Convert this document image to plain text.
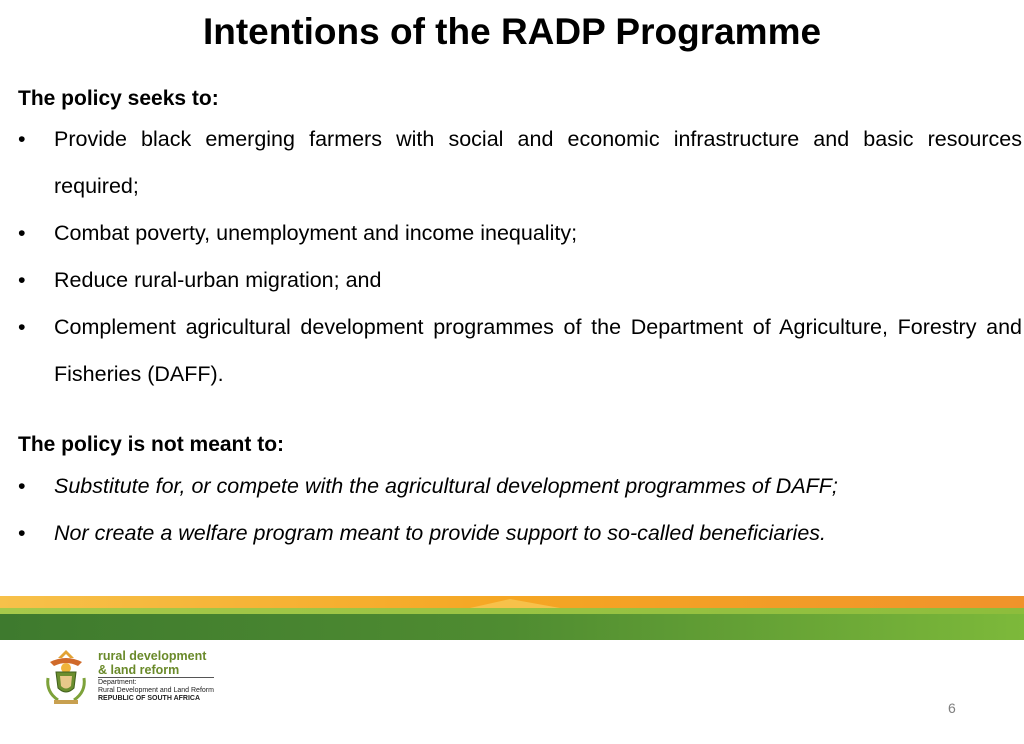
Intentions of the RADP Programme
The policy seeks to:
• Provide black emerging farmers with social and economic infrastructure and basic resources required;
• Combat poverty, unemployment and income inequality;
• Reduce rural-urban migration; and
• Complement agricultural development programmes of the Department of Agriculture, Forestry and Fisheries (DAFF).
The policy is not meant to:
• Substitute for, or compete with the agricultural development programmes of DAFF;
• Nor create a welfare program meant to provide support to so-called beneficiaries.
rural development
& land reform
Department:
Rural Development and Land Reform
REPUBLIC OF SOUTH AFRICA
6
